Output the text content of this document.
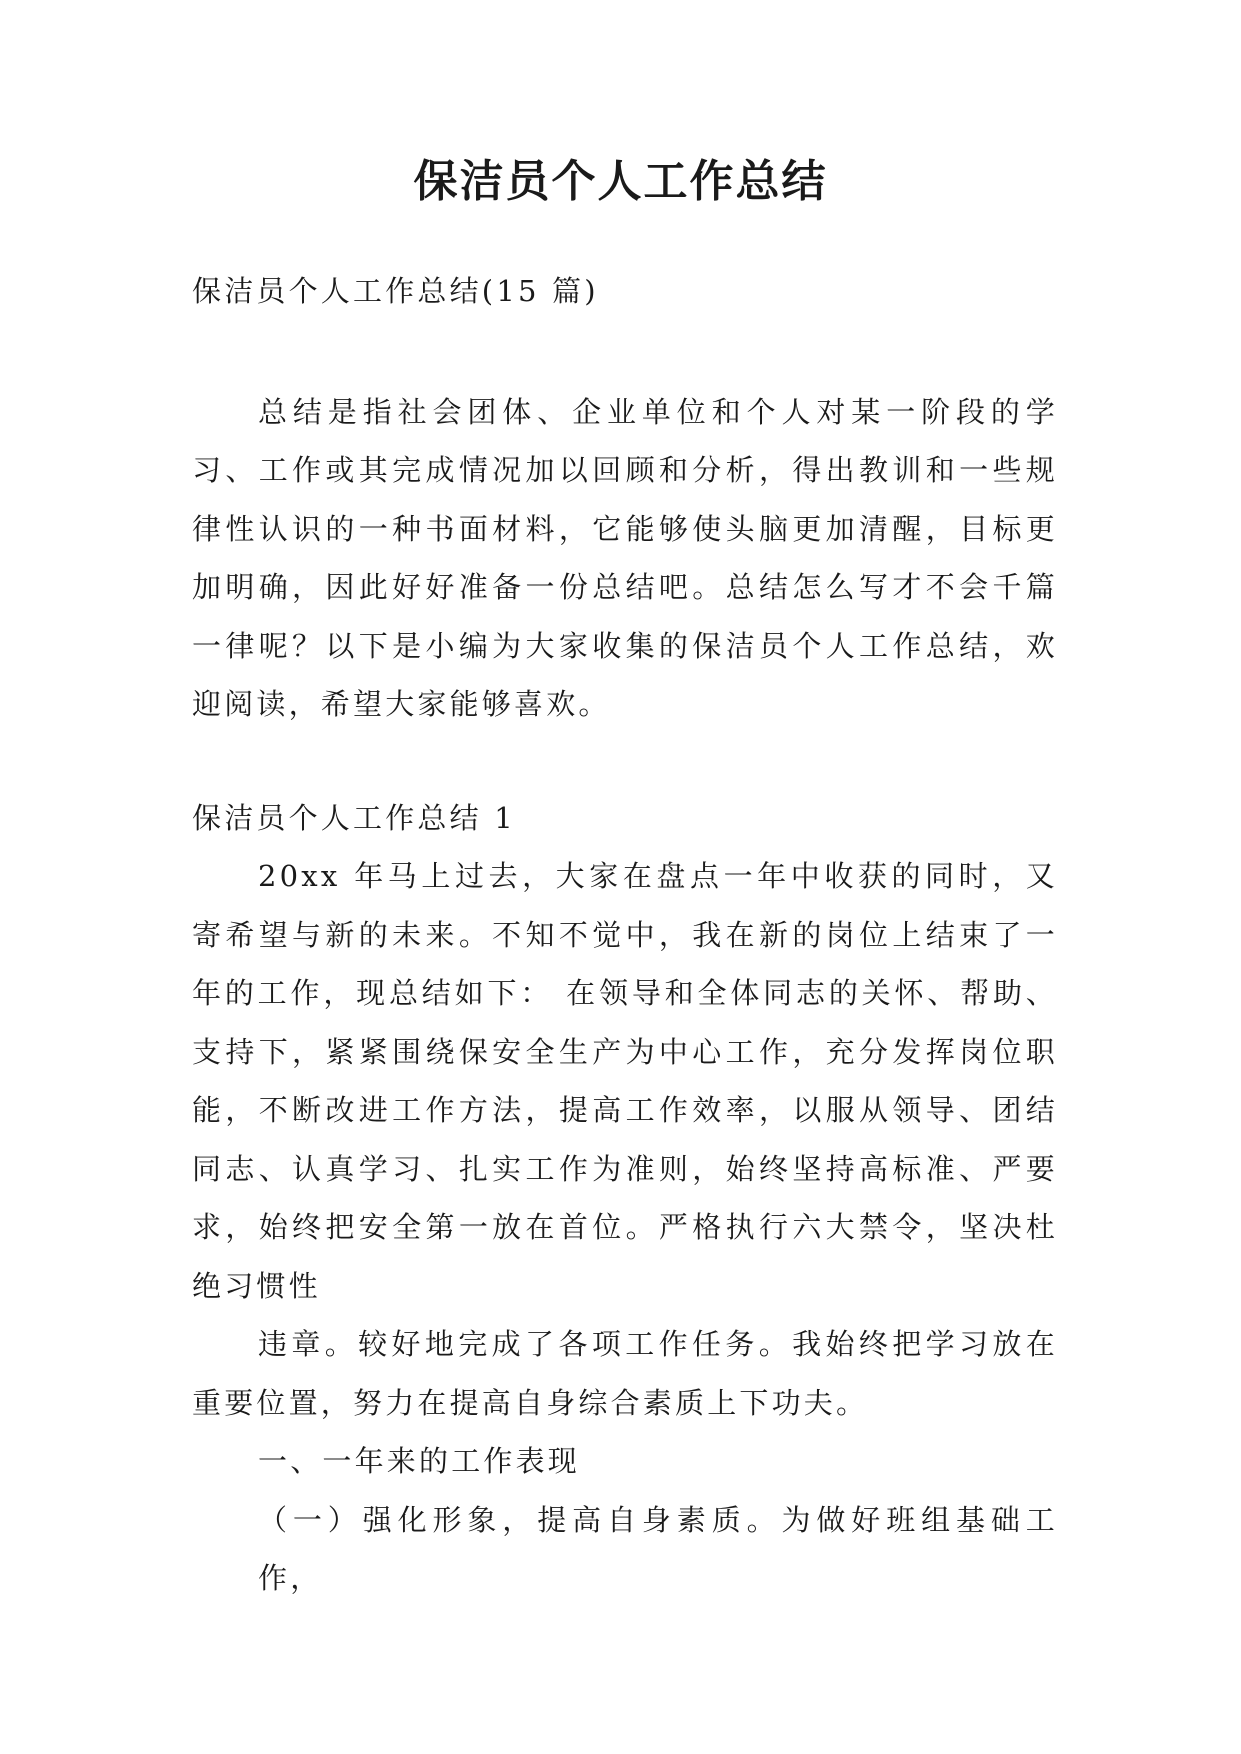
保洁员个人工作总结

保洁员个人工作总结(15 篇)

总结是指社会团体、企业单位和个人对某一阶段的学习、工作或其完成情况加以回顾和分析，得出教训和一些规律性认识的一种书面材料，它能够使头脑更加清醒，目标更加明确，因此好好准备一份总结吧。总结怎么写才不会千篇一律呢？以下是小编为大家收集的保洁员个人工作总结，欢迎阅读，希望大家能够喜欢。

保洁员个人工作总结 1

20xx 年马上过去，大家在盘点一年中收获的同时，又寄希望与新的未来。不知不觉中，我在新的岗位上结束了一年的工作，现总结如下： 在领导和全体同志的关怀、帮助、支持下，紧紧围绕保安全生产为中心工作，充分发挥岗位职能，不断改进工作方法，提高工作效率，以服从领导、团结同志、认真学习、扎实工作为准则，始终坚持高标准、严要求，始终把安全第一放在首位。严格执行六大禁令，坚决杜绝习惯性

违章。较好地完成了各项工作任务。我始终把学习放在重要位置，努力在提高自身综合素质上下功夫。

一、一年来的工作表现

（一）强化形象，提高自身素质。为做好班组基础工作，
